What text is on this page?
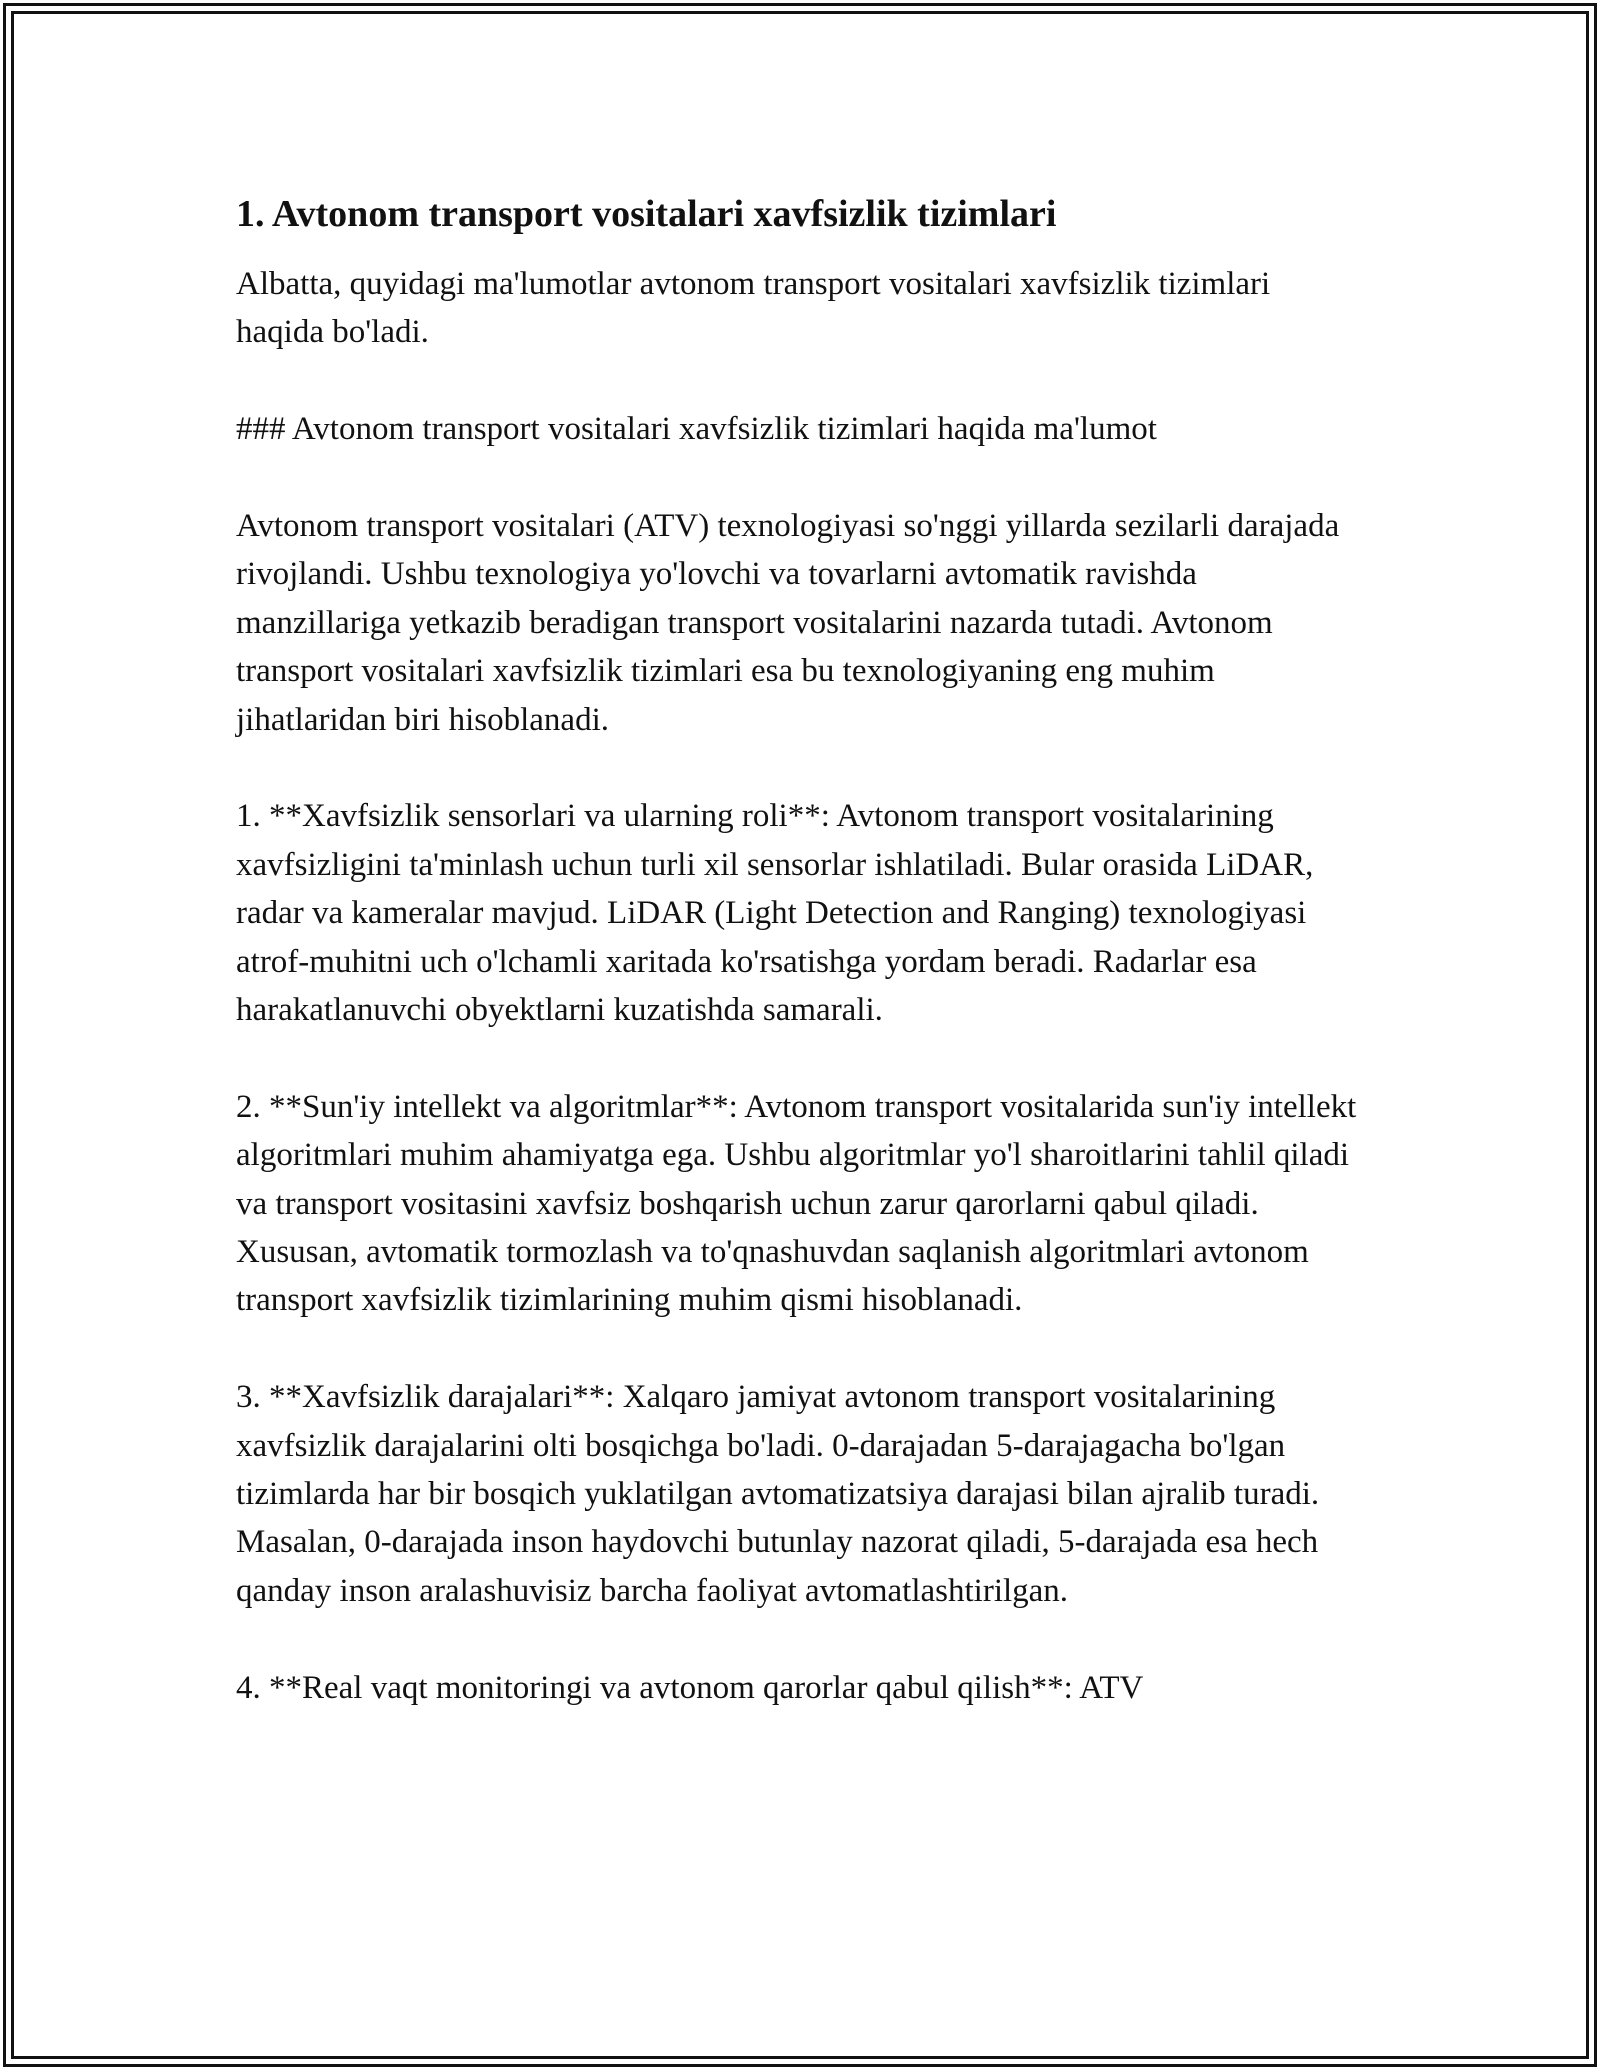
1. Avtonom transport vositalari xavfsizlik tizimlari

Albatta, quyidagi ma'lumotlar avtonom transport vositalari xavfsizlik tizimlari haqida bo'ladi.

### Avtonom transport vositalari xavfsizlik tizimlari haqida ma'lumot

Avtonom transport vositalari (ATV) texnologiyasi so'nggi yillarda sezilarli darajada rivojlandi. Ushbu texnologiya yo'lovchi va tovarlarni avtomatik ravishda manzillariga yetkazib beradigan transport vositalarini nazarda tutadi. Avtonom transport vositalari xavfsizlik tizimlari esa bu texnologiyaning eng muhim jihatlaridan biri hisoblanadi.

1. **Xavfsizlik sensorlari va ularning roli**: Avtonom transport vositalarining xavfsizligini ta'minlash uchun turli xil sensorlar ishlatiladi. Bular orasida LiDAR, radar va kameralar mavjud. LiDAR (Light Detection and Ranging) texnologiyasi atrof-muhitni uch o'lchamli xaritada ko'rsatishga yordam beradi. Radarlar esa harakatlanuvchi obyektlarni kuzatishda samarali.

2. **Sun'iy intellekt va algoritmlar**: Avtonom transport vositalarida sun'iy intellekt algoritmlari muhim ahamiyatga ega. Ushbu algoritmlar yo'l sharoitlarini tahlil qiladi va transport vositasini xavfsiz boshqarish uchun zarur qarorlarni qabul qiladi. Xususan, avtomatik tormozlash va to'qnashuvdan saqlanish algoritmlari avtonom transport xavfsizlik tizimlarining muhim qismi hisoblanadi.

3. **Xavfsizlik darajalari**: Xalqaro jamiyat avtonom transport vositalarining xavfsizlik darajalarini olti bosqichga bo'ladi. 0-darajadan 5-darajagacha bo'lgan tizimlarda har bir bosqich yuklatilgan avtomatizatsiya darajasi bilan ajralib turadi. Masalan, 0-darajada inson haydovchi butunlay nazorat qiladi, 5-darajada esa hech qanday inson aralashuvisiz barcha faoliyat avtomatlashtirilgan.

4. **Real vaqt monitoringi va avtonom qarorlar qabul qilish**: ATV
